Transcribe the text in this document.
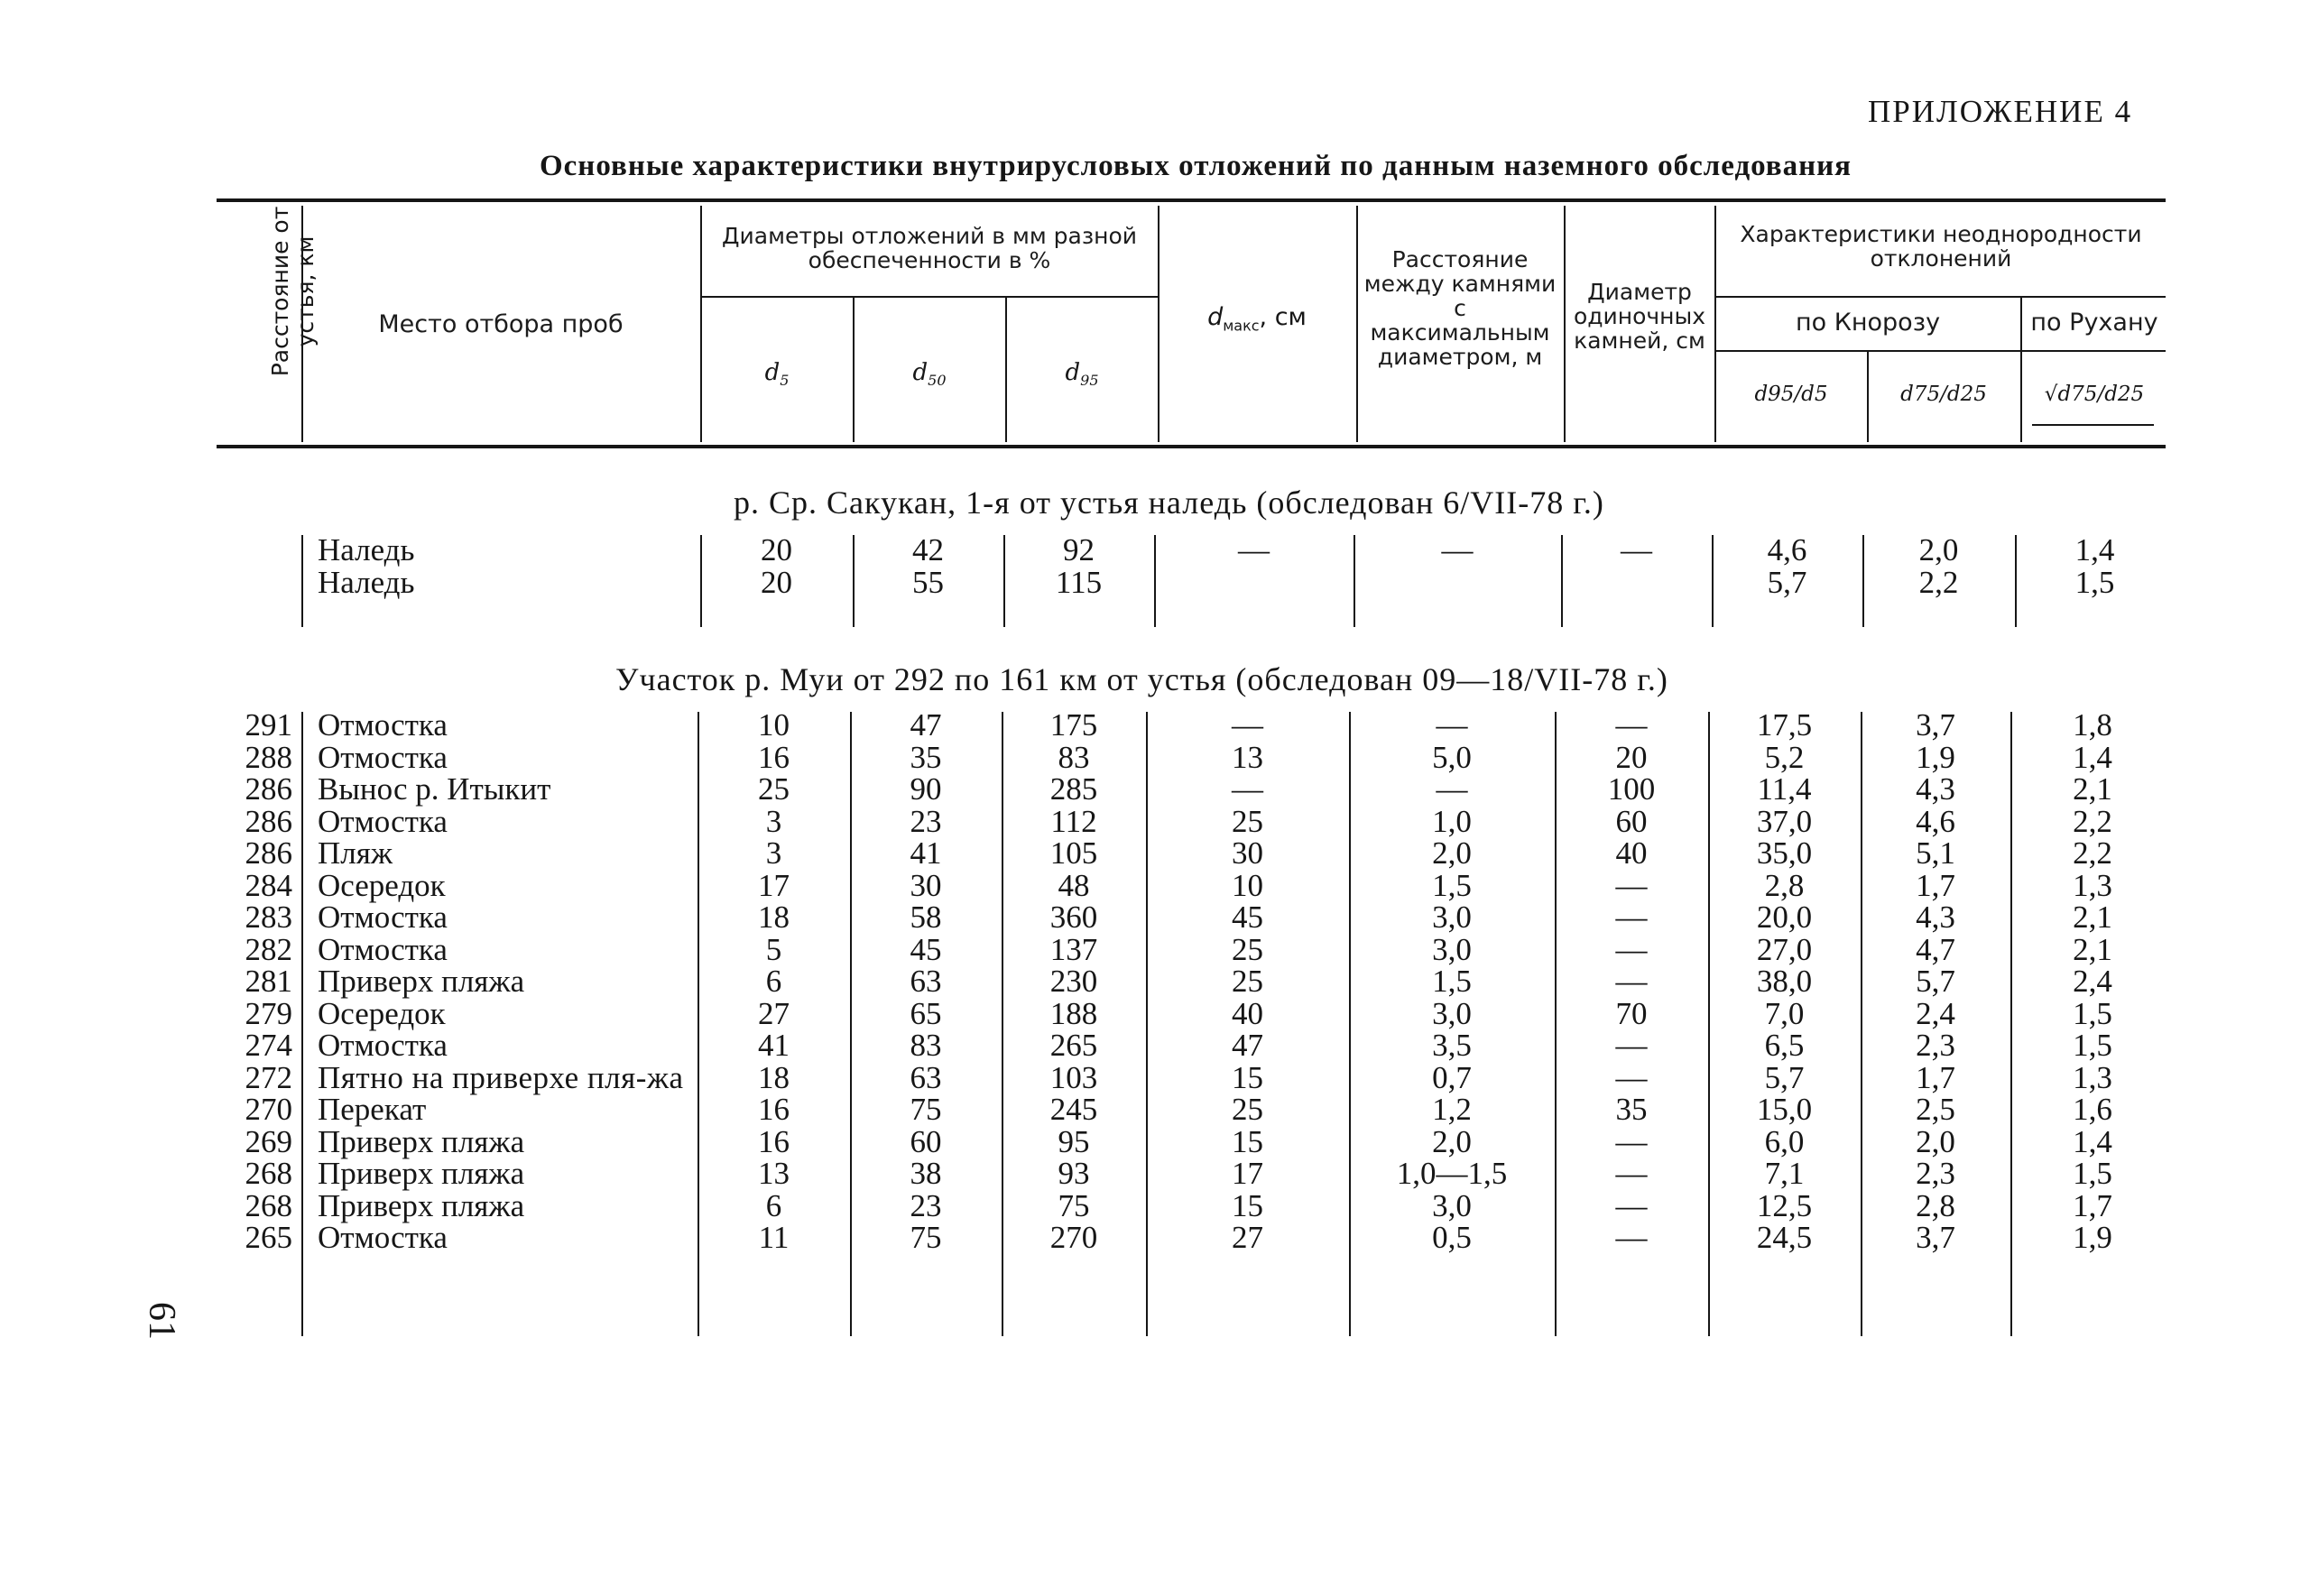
ПРИЛОЖЕНИЕ 4
Основные характеристики внутрирусловых отложений по данным наземного обследования
61
Расстояние от устья, км	Место отбора проб
Диаметры отложений в мм разной обеспеченности в %
$d_5$	$d_{50}$	$d_{95}$
$d_{макс}$, см
Расстояние между камнями с максимальным диаметром, м
Диаметр одиночных камней, см
Характеристики неоднородности отклонений
по Кнорозу	по Рухану
d95/d5	d75/d25	√d75/d25
р. Ср. Сакукан, 1-я от устья наледь (обследован 6/VII-78 г.)
	Наледь	20	42	92	—	—	—	4,6	2,0	1,4
	Наледь	20	55	115				5,7	2,2	1,5
Участок р. Муи от 292 по 161 км от устья (обследован 09—18/VII-78 г.)
291	Отмостка	10	47	175	—	—	—	17,5	3,7	1,8
288	Отмостка	16	35	83	13	5,0	20	5,2	1,9	1,4
286	Вынос р. Итыкит	25	90	285	—	—	100	11,4	4,3	2,1
286	Отмостка	3	23	112	25	1,0	60	37,0	4,6	2,2
286	Пляж	3	41	105	30	2,0	40	35,0	5,1	2,2
284	Осередок	17	30	48	10	1,5	—	2,8	1,7	1,3
283	Отмостка	18	58	360	45	3,0	—	20,0	4,3	2,1
282	Отмостка	5	45	137	25	3,0	—	27,0	4,7	2,1
281	Приверх пляжа	6	63	230	25	1,5	—	38,0	5,7	2,4
279	Осередок	27	65	188	40	3,0	70	7,0	2,4	1,5
274	Отмостка	41	83	265	47	3,5	—	6,5	2,3	1,5
272	Пятно на приверхе пля-жа	18	63	103	15	0,7	—	5,7	1,7	1,3
270	Перекат	16	75	245	25	1,2	35	15,0	2,5	1,6
269	Приверх пляжа	16	60	95	15	2,0	—	6,0	2,0	1,4
268	Приверх пляжа	13	38	93	17	1,0—1,5	—	7,1	2,3	1,5
268	Приверх пляжа	6	23	75	15	3,0	—	12,5	2,8	1,7
265	Отмостка	11	75	270	27	0,5	—	24,5	3,7	1,9
